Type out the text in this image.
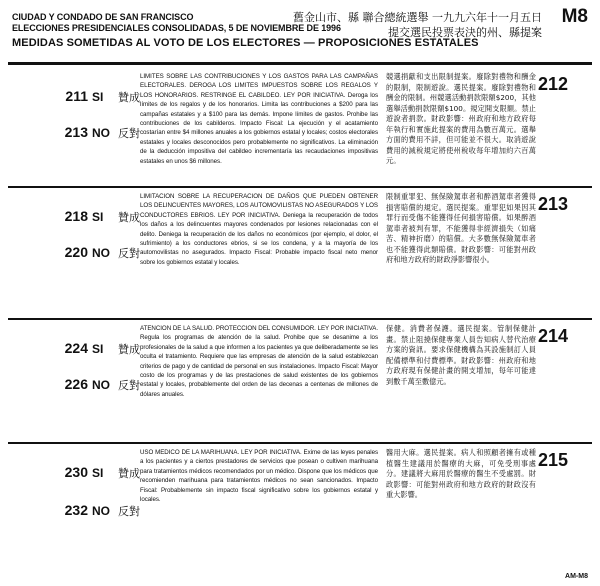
CIUDAD Y CONDADO DE SAN FRANCISCO
ELECCIONES PRESIDENCIALES CONSOLIDADAS, 5 DE NOVIEMBRE DE 1996
MEDIDAS SOMETIDAS AL VOTO DE LOS ELECTORES — PROPOSICIONES ESTATALES
舊金山市、縣 聯合總統選舉 一九九六年十一月五日
提交選民投票表決的州、縣提案
M8
211 SI 贊成
213 NO 反對
LIMITES SOBRE LAS CONTRIBUCIONES Y LOS GASTOS PARA LAS CAMPAÑAS ELECTORALES. DEROGA LOS LIMITES IMPUESTOS SOBRE LOS REGALOS Y LOS HONORARIOS. RESTRINGE EL CABILDEO. LEY POR INICIATIVA. Deroga los límites de los regalos y de los honorarios. Limita las contribuciones a $200 para las campañas estatales y a $100 para las demás. Impone límites de gastos. Prohibe las contribuciones de los cabilderos. Impacto Fiscal: La ejecución y el acatamiento costarían entre $4 millones anuales a los gobiernos estatal y locales; costos electorales estatales y locales desconocidos pero probablemente no significativos. La eliminación de la deducción impositiva del cabildeo incrementaría las recaudaciones impositivas estatales en unos $6 millones.
競選捐獻和支出限制提案。廢除對禮物和酬金的限制，限制遊說。選民提案。廢除對禮物和酬金的限制。州競選活動捐款限額$200，其他選舉活動捐款限額$100。規定開支限額。禁止遊說者捐款。財政影響：州政府和地方政府每年執行和實施此提案的費用為數百萬元。選舉方面的費用不詳，但可能並不很大。取消遊說費用的減稅規定將使州稅收每年增加約六百萬元。
212
218 SI 贊成
220 NO 反對
LIMITACION SOBRE LA RECUPERACION DE DAÑOS QUE PUEDEN OBTENER LOS DELINCUENTES MAYORES, LOS AUTOMOVILISTAS NO ASEGURADOS Y LOS CONDUCTORES EBRIOS. LEY POR INICIATIVA. Deniega la recuperación de todos los daños a los delincuentes mayores condenados por lesiones relacionadas con el delito. Deniega la recuperación de los daños no económicos (por ejemplo, el dolor, el sufrimiento) a los conductores ebrios, si se los condena, y a la mayoría de los automovilistas no asegurados. Impacto Fiscal: Probable impacto fiscal neto menor sobre los gobiernos estatal y locales.
限制重罪犯、無保險駕車者和醉酒駕車者獲得損害賠償的規定。選民提案。重罪犯如果因其罪行而受傷不能獲得任何損害賠償。如果醉酒駕車者被判有罪，不能獲得非經濟損失（如痛苦、精神折磨）的賠償。大多數無保險駕車者也不能獲得此類賠償。財政影響：可能對州政府和地方政府的財政淨影響很小。
213
224 SI 贊成
226 NO 反對
ATENCION DE LA SALUD. PROTECCION DEL CONSUMIDOR. LEY POR INICIATIVA. Regula los programas de atención de la salud. Prohibe que se desanime a los profesionales de la salud a que informen a los pacientes ya que deliberadamente se les oculta el tratamiento. Requiere que las empresas de atención de la salud establezcan criterios de pago y de cantidad de personal en sus instalaciones. Impacto Fiscal: Mayor costo de los programas y de las prestaciones de salud existentes de los gobiernos estatal y locales, probablemente del orden de las decenas a centenas de millones de dólares anuales.
保健。消費者保護。選民提案。管制保健計畫。禁止阻撓保健專業人員告知病人替代治療方案的資訊。要求保健機構為其設施制訂人員配備標準和付費標準。財政影響：州政府和地方政府現有保健計畫的開支增加，每年可能達到數千萬至數億元。
214
230 SI 贊成
232 NO 反對
USO MEDICO DE LA MARIHUANA. LEY POR INICIATIVA. Exime de las leyes penales a los pacientes y a ciertos prestadores de servicios que posean o cultiven marihuana para tratamientos médicos recomendados por un médico. Dispone que los médicos que recomienden marihuana para tratamientos médicos no sean sancionados. Impacto Fiscal: Probablemente sin impacto fiscal significativo sobre los gobiernos estatal y locales.
醫用大麻。選民提案。病人和照顧者擁有或種植醫生建議用於醫療的大麻，可免受刑事處分。建議將大麻用於醫療的醫生不受處罰。財政影響：可能對州政府和地方政府的財政沒有重大影響。
215
AM-M8
